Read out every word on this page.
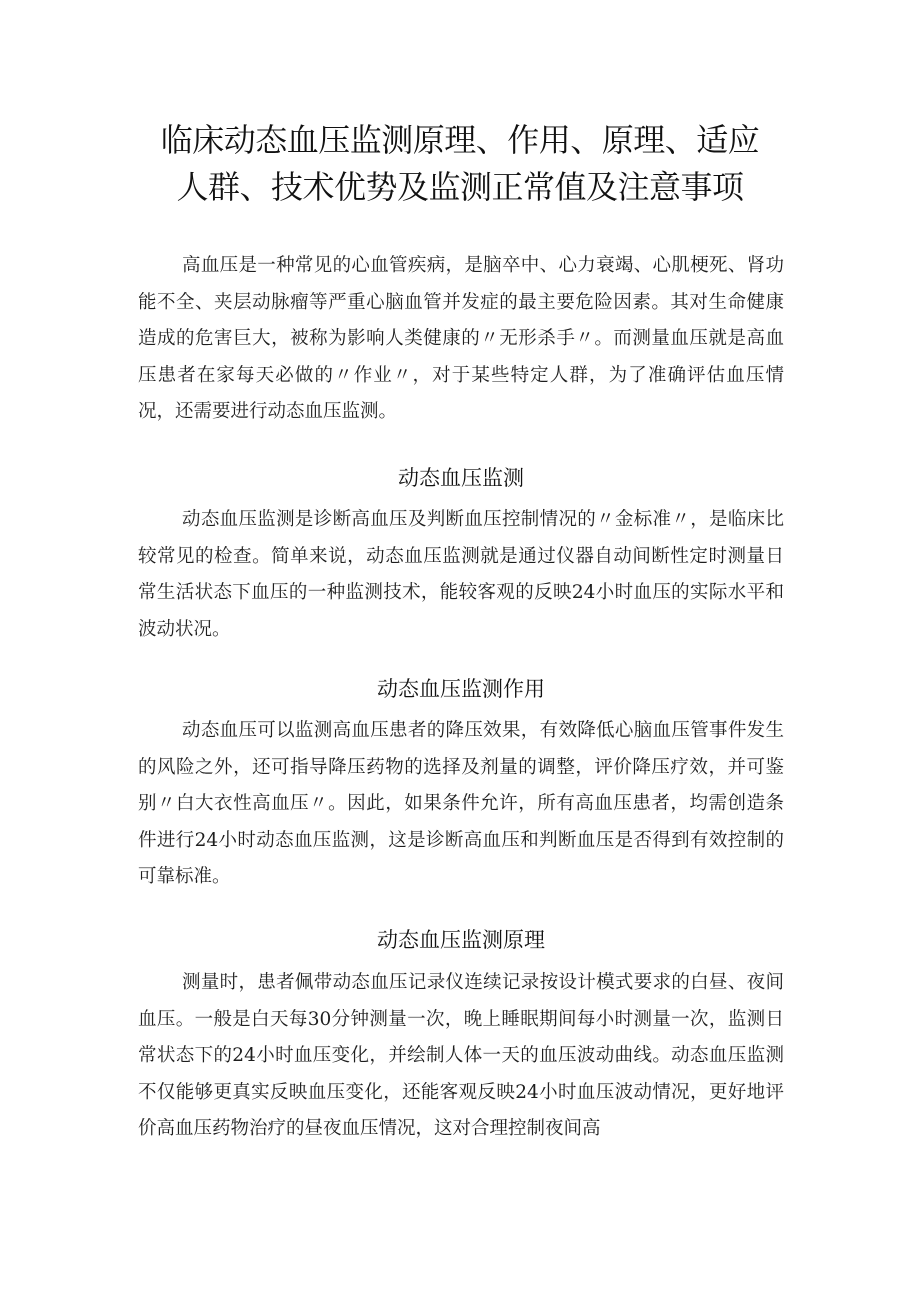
临床动态血压监测原理、作用、原理、适应
人群、技术优势及监测正常值及注意事项

高血压是一种常见的心血管疾病，是脑卒中、心力衰竭、心肌梗死、肾功能不全、夹层动脉瘤等严重心脑血管并发症的最主要危险因素。其对生命健康造成的危害巨大，被称为影响人类健康的〃无形杀手〃。而测量血压就是高血压患者在家每天必做的〃作业〃，对于某些特定人群，为了准确评估血压情况，还需要进行动态血压监测。

动态血压监测

动态血压监测是诊断高血压及判断血压控制情况的〃金标准〃，是临床比较常见的检查。简单来说，动态血压监测就是通过仪器自动间断性定时测量日常生活状态下血压的一种监测技术，能较客观的反映24小时血压的实际水平和波动状况。

动态血压监测作用

动态血压可以监测高血压患者的降压效果，有效降低心脑血压管事件发生的风险之外，还可指导降压药物的选择及剂量的调整，评价降压疗效，并可鉴别〃白大衣性高血压〃。因此，如果条件允许，所有高血压患者，均需创造条件进行24小时动态血压监测，这是诊断高血压和判断血压是否得到有效控制的可靠标准。

动态血压监测原理

测量时，患者佩带动态血压记录仪连续记录按设计模式要求的白昼、夜间血压。一般是白天每30分钟测量一次，晚上睡眠期间每小时测量一次，监测日常状态下的24小时血压变化，并绘制人体一天的血压波动曲线。动态血压监测不仅能够更真实反映血压变化，还能客观反映24小时血压波动情况，更好地评价高血压药物治疗的昼夜血压情况，这对合理控制夜间高
